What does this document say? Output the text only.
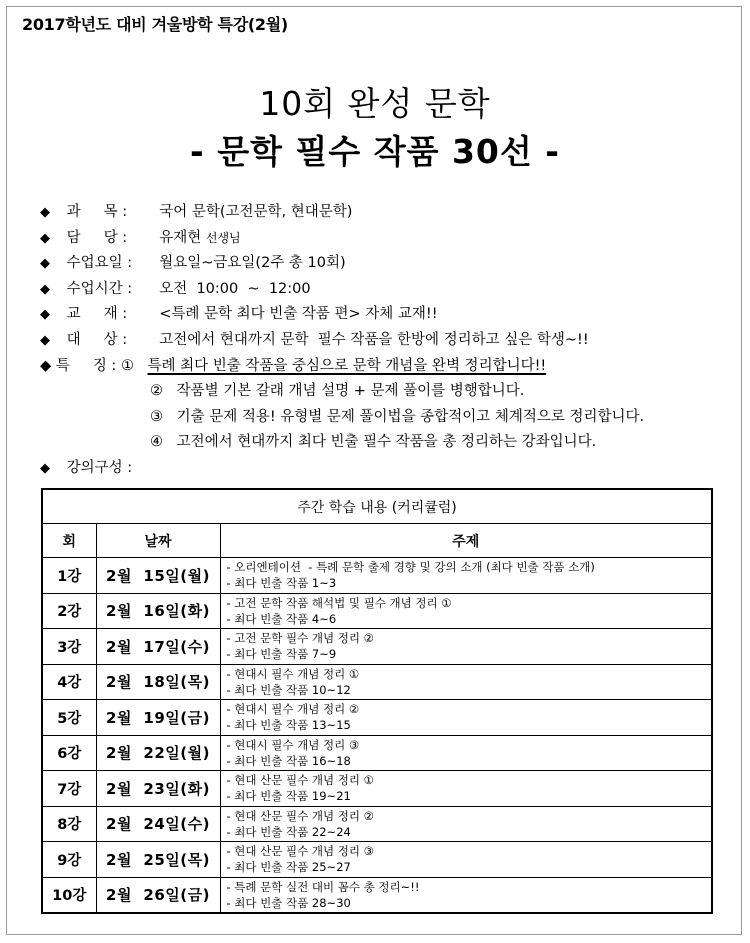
2017학년도 대비 겨울방학 특강(2월)
10회 완성 문학
- 문학 필수 작품 30선 -
◆ 과     목 : 국어 문학(고전문학, 현대문학)
◆ 담     당 : 유재현 선생님
◆ 수업요일 : 월요일~금요일(2주 총 10회)
◆ 수업시간 : 오전  10:00  ~  12:00
◆ 교     재 : <특례 문학 최다 빈출 작품 편> 자체 교재!!
◆ 대     상 : 고전에서 현대까지 문학  필수 작품을 한방에 정리하고 싶은 학생~!!
◆ 특     징 : ① 특례 최다 빈출 작품을 중심으로 문학 개념을 완벽 정리합니다!!
② 작품별 기본 갈래 개념 설명 + 문제 풀이를 병행합니다.
③ 기출 문제 적용! 유형별 문제 풀이법을 종합적이고 체계적으로 정리합니다.
④ 고전에서 현대까지 최다 빈출 필수 작품을 총 정리하는 강좌입니다.
◆ 강의구성 :
주간 학습 내용 (커리큘럼)		
회	날짜	주제
1강	2월  15일(월)	- 오리엔테이션  - 특례 문학 출제 경향 및 강의 소개 (최다 빈출 작품 소개)
- 최다 빈출 작품 1~3

2강	2월  16일(화)	- 고전 문학 작품 해석법 및 필수 개념 정리 ①
- 최다 빈출 작품 4~6

3강	2월  17일(수)	- 고전 문학 필수 개념 정리 ②
- 최다 빈출 작품 7~9

4강	2월  18일(목)	- 현대시 필수 개념 정리 ①
- 최다 빈출 작품 10~12

5강	2월  19일(금)	- 현대시 필수 개념 정리 ②
- 최다 빈출 작품 13~15

6강	2월  22일(월)	- 현대시 필수 개념 정리 ③
- 최다 빈출 작품 16~18

7강	2월  23일(화)	- 현대 산문 필수 개념 정리 ①
- 최다 빈출 작품 19~21

8강	2월  24일(수)	- 현대 산문 필수 개념 정리 ②
- 최다 빈출 작품 22~24

9강	2월  25일(목)	- 현대 산문 필수 개념 정리 ③
- 최다 빈출 작품 25~27

10강	2월  26일(금)	- 특례 문학 실전 대비 꼼수 총 정리~!!
- 최다 빈출 작품 28~30
